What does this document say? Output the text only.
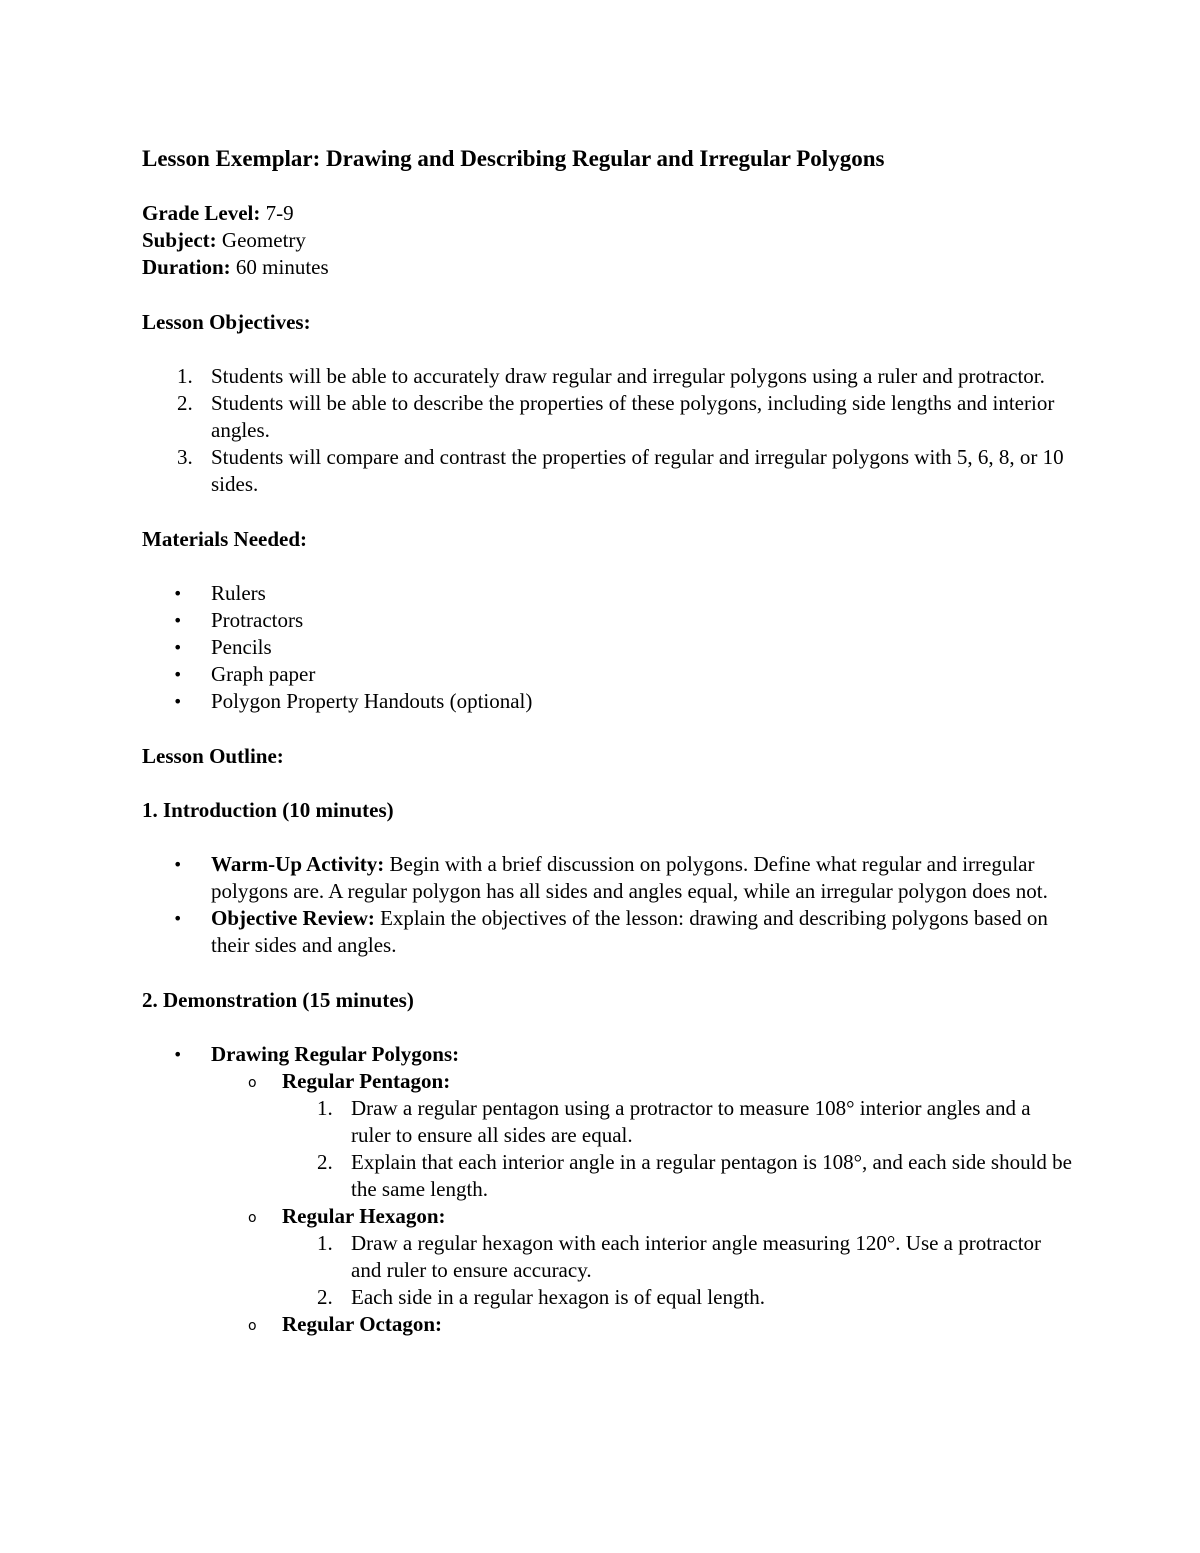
Lesson Exemplar: Drawing and Describing Regular and Irregular Polygons
Grade Level: 7-9
Subject: Geometry
Duration: 60 minutes
Lesson Objectives:
1. Students will be able to accurately draw regular and irregular polygons using a ruler and protractor.
2. Students will be able to describe the properties of these polygons, including side lengths and interior angles.
3. Students will compare and contrast the properties of regular and irregular polygons with 5, 6, 8, or 10 sides.
Materials Needed:
• Rulers
• Protractors
• Pencils
• Graph paper
• Polygon Property Handouts (optional)
Lesson Outline:
1. Introduction (10 minutes)
• Warm-Up Activity: Begin with a brief discussion on polygons. Define what regular and irregular polygons are. A regular polygon has all sides and angles equal, while an irregular polygon does not.
• Objective Review: Explain the objectives of the lesson: drawing and describing polygons based on their sides and angles.
2. Demonstration (15 minutes)
• Drawing Regular Polygons:
o Regular Pentagon:
1. Draw a regular pentagon using a protractor to measure 108° interior angles and a ruler to ensure all sides are equal.
2. Explain that each interior angle in a regular pentagon is 108°, and each side should be the same length.
o Regular Hexagon:
1. Draw a regular hexagon with each interior angle measuring 120°. Use a protractor and ruler to ensure accuracy.
2. Each side in a regular hexagon is of equal length.
o Regular Octagon:
